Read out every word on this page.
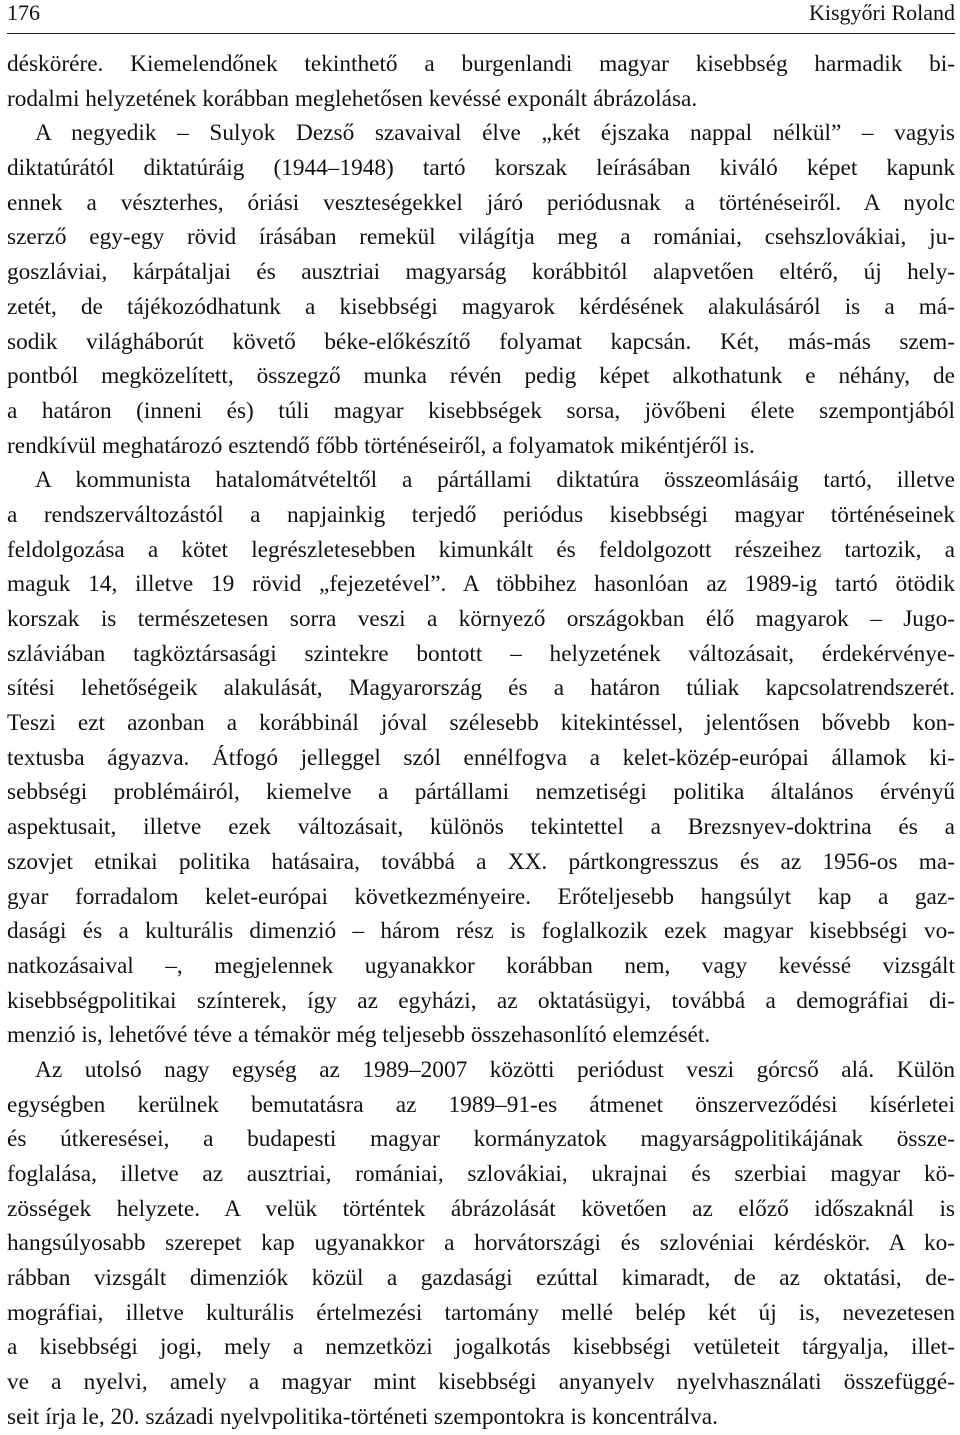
176	Kisgyőri Roland
déskörére. Kiemelendőnek tekinthető a burgenlandi magyar kisebbség harmadik bi-
rodalmi helyzetének korábban meglehetősen kevéssé exponált ábrázolása.
A negyedik – Sulyok Dezső szavaival élve „két éjszaka nappal nélkül” – vagyis
diktatúrától diktatúráig (1944–1948) tartó korszak leírásában kiváló képet kapunk
ennek a vészterhes, óriási veszteségekkel járó periódusnak a történéseiről. A nyolc
szerző egy-egy rövid írásában remekül világítja meg a romániai, csehszlovákiai, ju-
goszláviai, kárpátaljai és ausztriai magyarság korábbitól alapvetően eltérő, új hely-
zetét, de tájékozódhatunk a kisebbségi magyarok kérdésének alakulásáról is a má-
sodik világháborút követő béke-előkészítő folyamat kapcsán. Két, más-más szem-
pontból megközelített, összegző munka révén pedig képet alkothatunk e néhány, de
a határon (inneni és) túli magyar kisebbségek sorsa, jövőbeni élete szempontjából
rendkívül meghatározó esztendő főbb történéseiről, a folyamatok mikéntjéről is.
A kommunista hatalomátvételtől a pártállami diktatúra összeomlásáig tartó, illetve
a rendszerváltozástól a napjainkig terjedő periódus kisebbségi magyar történéseinek
feldolgozása a kötet legrészletesebben kimunkált és feldolgozott részeihez tartozik, a
maguk 14, illetve 19 rövid „fejezetével”. A többihez hasonlóan az 1989-ig tartó ötödik
korszak is természetesen sorra veszi a környező országokban élő magyarok – Jugo-
szláviában tagköztársasági szintekre bontott – helyzetének változásait, érdekérvénye-
sítési lehetőségeik alakulását, Magyarország és a határon túliak kapcsolatrendszerét.
Teszi ezt azonban a korábbinál jóval szélesebb kitekintéssel, jelentősen bővebb kon-
textusba ágyazva. Átfogó jelleggel szól ennélfogva a kelet-közép-európai államok ki-
sebbségi problémáiról, kiemelve a pártállami nemzetiségi politika általános érvényű
aspektusait, illetve ezek változásait, különös tekintettel a Brezsnyev-doktrina és a
szovjet etnikai politika hatásaira, továbbá a XX. pártkongresszus és az 1956-os ma-
gyar forradalom kelet-európai következményeire. Erőteljesebb hangsúlyt kap a gaz-
dasági és a kulturális dimenzió – három rész is foglalkozik ezek magyar kisebbségi vo-
natkozásaival –, megjelennek ugyanakkor korábban nem, vagy kevéssé vizsgált
kisebbségpolitikai színterek, így az egyházi, az oktatásügyi, továbbá a demográfiai di-
menzió is, lehetővé téve a témakör még teljesebb összehasonlító elemzését.
Az utolsó nagy egység az 1989–2007 közötti periódust veszi górcső alá. Külön
egységben kerülnek bemutatásra az 1989–91-es átmenet önszerveződési kísérletei
és útkeresései, a budapesti magyar kormányzatok magyarságpolitikájának össze-
foglalása, illetve az ausztriai, romániai, szlovákiai, ukrajnai és szerbiai magyar kö-
zösségek helyzete. A velük történtek ábrázolását követően az előző időszaknál is
hangsúlyosabb szerepet kap ugyanakkor a horvátországi és szlovéniai kérdéskör. A ko-
rábban vizsgált dimenziók közül a gazdasági ezúttal kimaradt, de az oktatási, de-
mográfiai, illetve kulturális értelmezési tartomány mellé belép két új is, nevezetesen
a kisebbségi jogi, mely a nemzetközi jogalkotás kisebbségi vetületeit tárgyalja, illet-
ve a nyelvi, amely a magyar mint kisebbségi anyanyelv nyelvhasználati összefüggé-
seit írja le, 20. századi nyelvpolitika-történeti szempontokra is koncentrálva.
